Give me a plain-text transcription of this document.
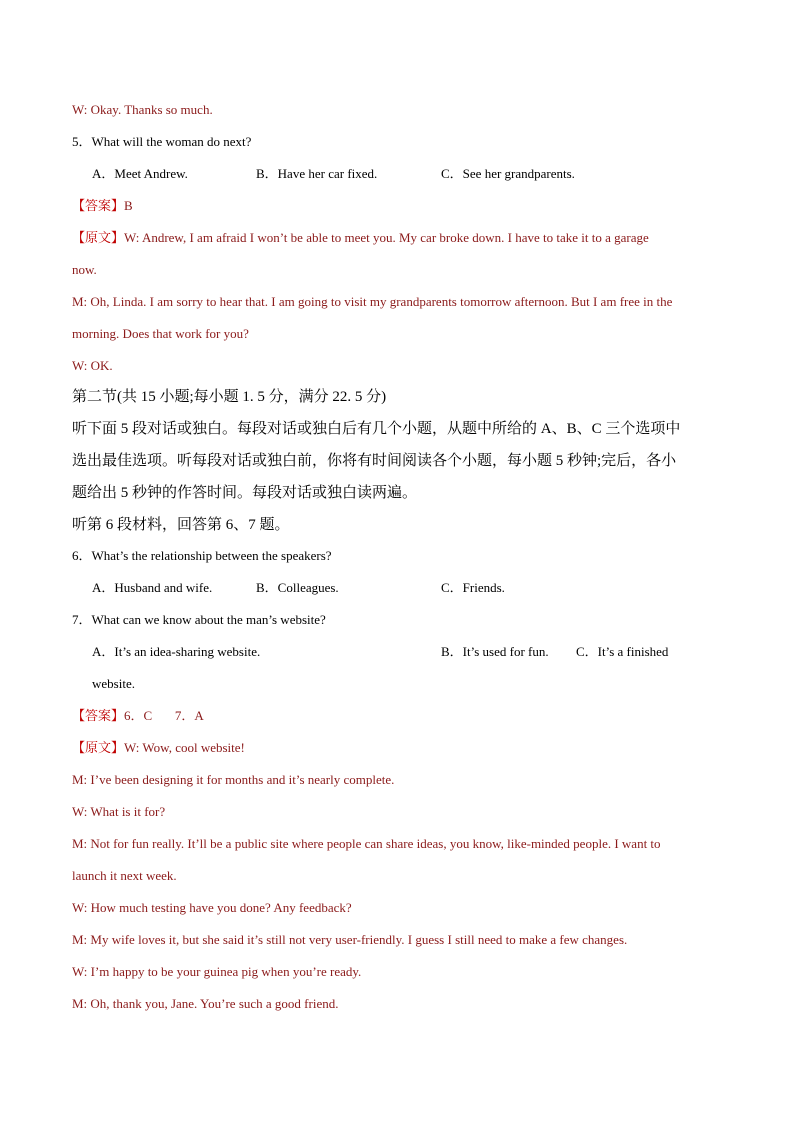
W: Okay. Thanks so much.
5．What will the woman do next?
A．Meet Andrew.	B．Have her car fixed.	C．See her grandparents.
【答案】B
【原文】W: Andrew, I am afraid I won’t be able to meet you. My car broke down. I have to take it to a garage
now.
M: Oh, Linda. I am sorry to hear that. I am going to visit my grandparents tomorrow afternoon. But I am free in the
morning. Does that work for you?
W: OK.
第二节(共 15 小题;每小题 1. 5 分，满分 22. 5 分)
听下面 5 段对话或独白。每段对话或独白后有几个小题，从题中所给的 A、B、C 三个选项中
选出最佳选项。听每段对话或独白前，你将有时间阅读各个小题，每小题 5 秒钟;完后，各小
题给出 5 秒钟的作答时间。每段对话或独白读两遍。
听第 6 段材料，回答第 6、7 题。
6．What’s the relationship between the speakers?
A．Husband and wife.	B．Colleagues.	C．Friends.
7．What can we know about the man’s website?
A．It’s an idea-sharing website.	B．It’s used for fun. C．It’s a finished
website.
【答案】6．C       7．A
【原文】W: Wow, cool website!
M: I’ve been designing it for months and it’s nearly complete.
W: What is it for?
M: Not for fun really. It’ll be a public site where people can share ideas, you know, like-minded people. I want to
launch it next week.
W: How much testing have you done? Any feedback?
M: My wife loves it, but she said it’s still not very user-friendly. I guess I still need to make a few changes.
W: I’m happy to be your guinea pig when you’re ready.
M: Oh, thank you, Jane. You’re such a good friend.
